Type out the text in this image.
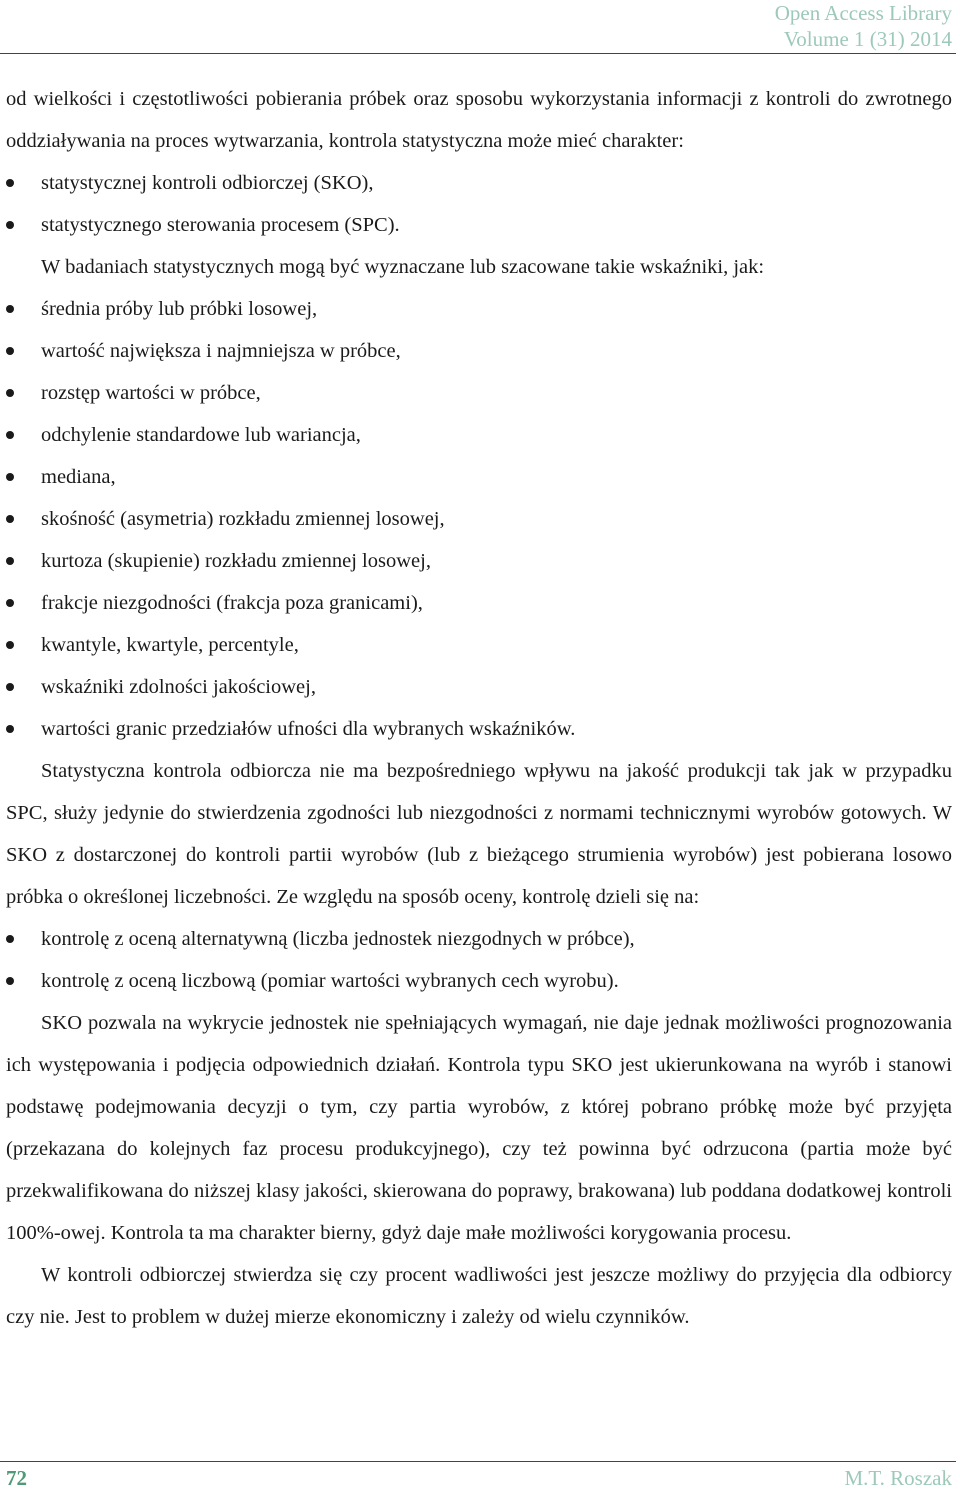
Open Access Library
Volume 1 (31) 2014

od wielkości i częstotliwości pobierania próbek oraz sposobu wykorzystania informacji z kontroli do zwrotnego oddziaływania na proces wytwarzania, kontrola statystyczna może mieć charakter:

statystycznej kontroli odbiorczej (SKO),
statystycznego sterowania procesem (SPC).

W badaniach statystycznych mogą być wyznaczane lub szacowane takie wskaźniki, jak:

średnia próby lub próbki losowej,
wartość największa i najmniejsza w próbce,
rozstęp wartości w próbce,
odchylenie standardowe lub wariancja,
mediana,
skośność (asymetria) rozkładu zmiennej losowej,
kurtoza (skupienie) rozkładu zmiennej losowej,
frakcje niezgodności (frakcja poza granicami),
kwantyle, kwartyle, percentyle,
wskaźniki zdolności jakościowej,
wartości granic przedziałów ufności dla wybranych wskaźników.

Statystyczna kontrola odbiorcza nie ma bezpośredniego wpływu na jakość produkcji tak jak w przypadku SPC, służy jedynie do stwierdzenia zgodności lub niezgodności z normami technicznymi wyrobów gotowych. W SKO z dostarczonej do kontroli partii wyrobów (lub z bieżącego strumienia wyrobów) jest pobierana losowo próbka o określonej liczebności. Ze względu na sposób oceny, kontrolę dzieli się na:

kontrolę z oceną alternatywną (liczba jednostek niezgodnych w próbce),
kontrolę z oceną liczbową (pomiar wartości wybranych cech wyrobu).

SKO pozwala na wykrycie jednostek nie spełniających wymagań, nie daje jednak możliwości prognozowania ich występowania i podjęcia odpowiednich działań. Kontrola typu SKO jest ukierunkowana na wyrób i stanowi podstawę podejmowania decyzji o tym, czy partia wyrobów, z której pobrano próbkę może być przyjęta (przekazana do kolejnych faz procesu produkcyjnego), czy też powinna być odrzucona (partia może być przekwalifikowana do niższej klasy jakości, skierowana do poprawy, brakowana) lub poddana dodatkowej kontroli 100%-owej. Kontrola ta ma charakter bierny, gdyż daje małe możliwości korygowania procesu.

W kontroli odbiorczej stwierdza się czy procent wadliwości jest jeszcze możliwy do przyjęcia dla odbiorcy czy nie. Jest to problem w dużej mierze ekonomiczny i zależy od wielu czynników.

72	M.T. Roszak
